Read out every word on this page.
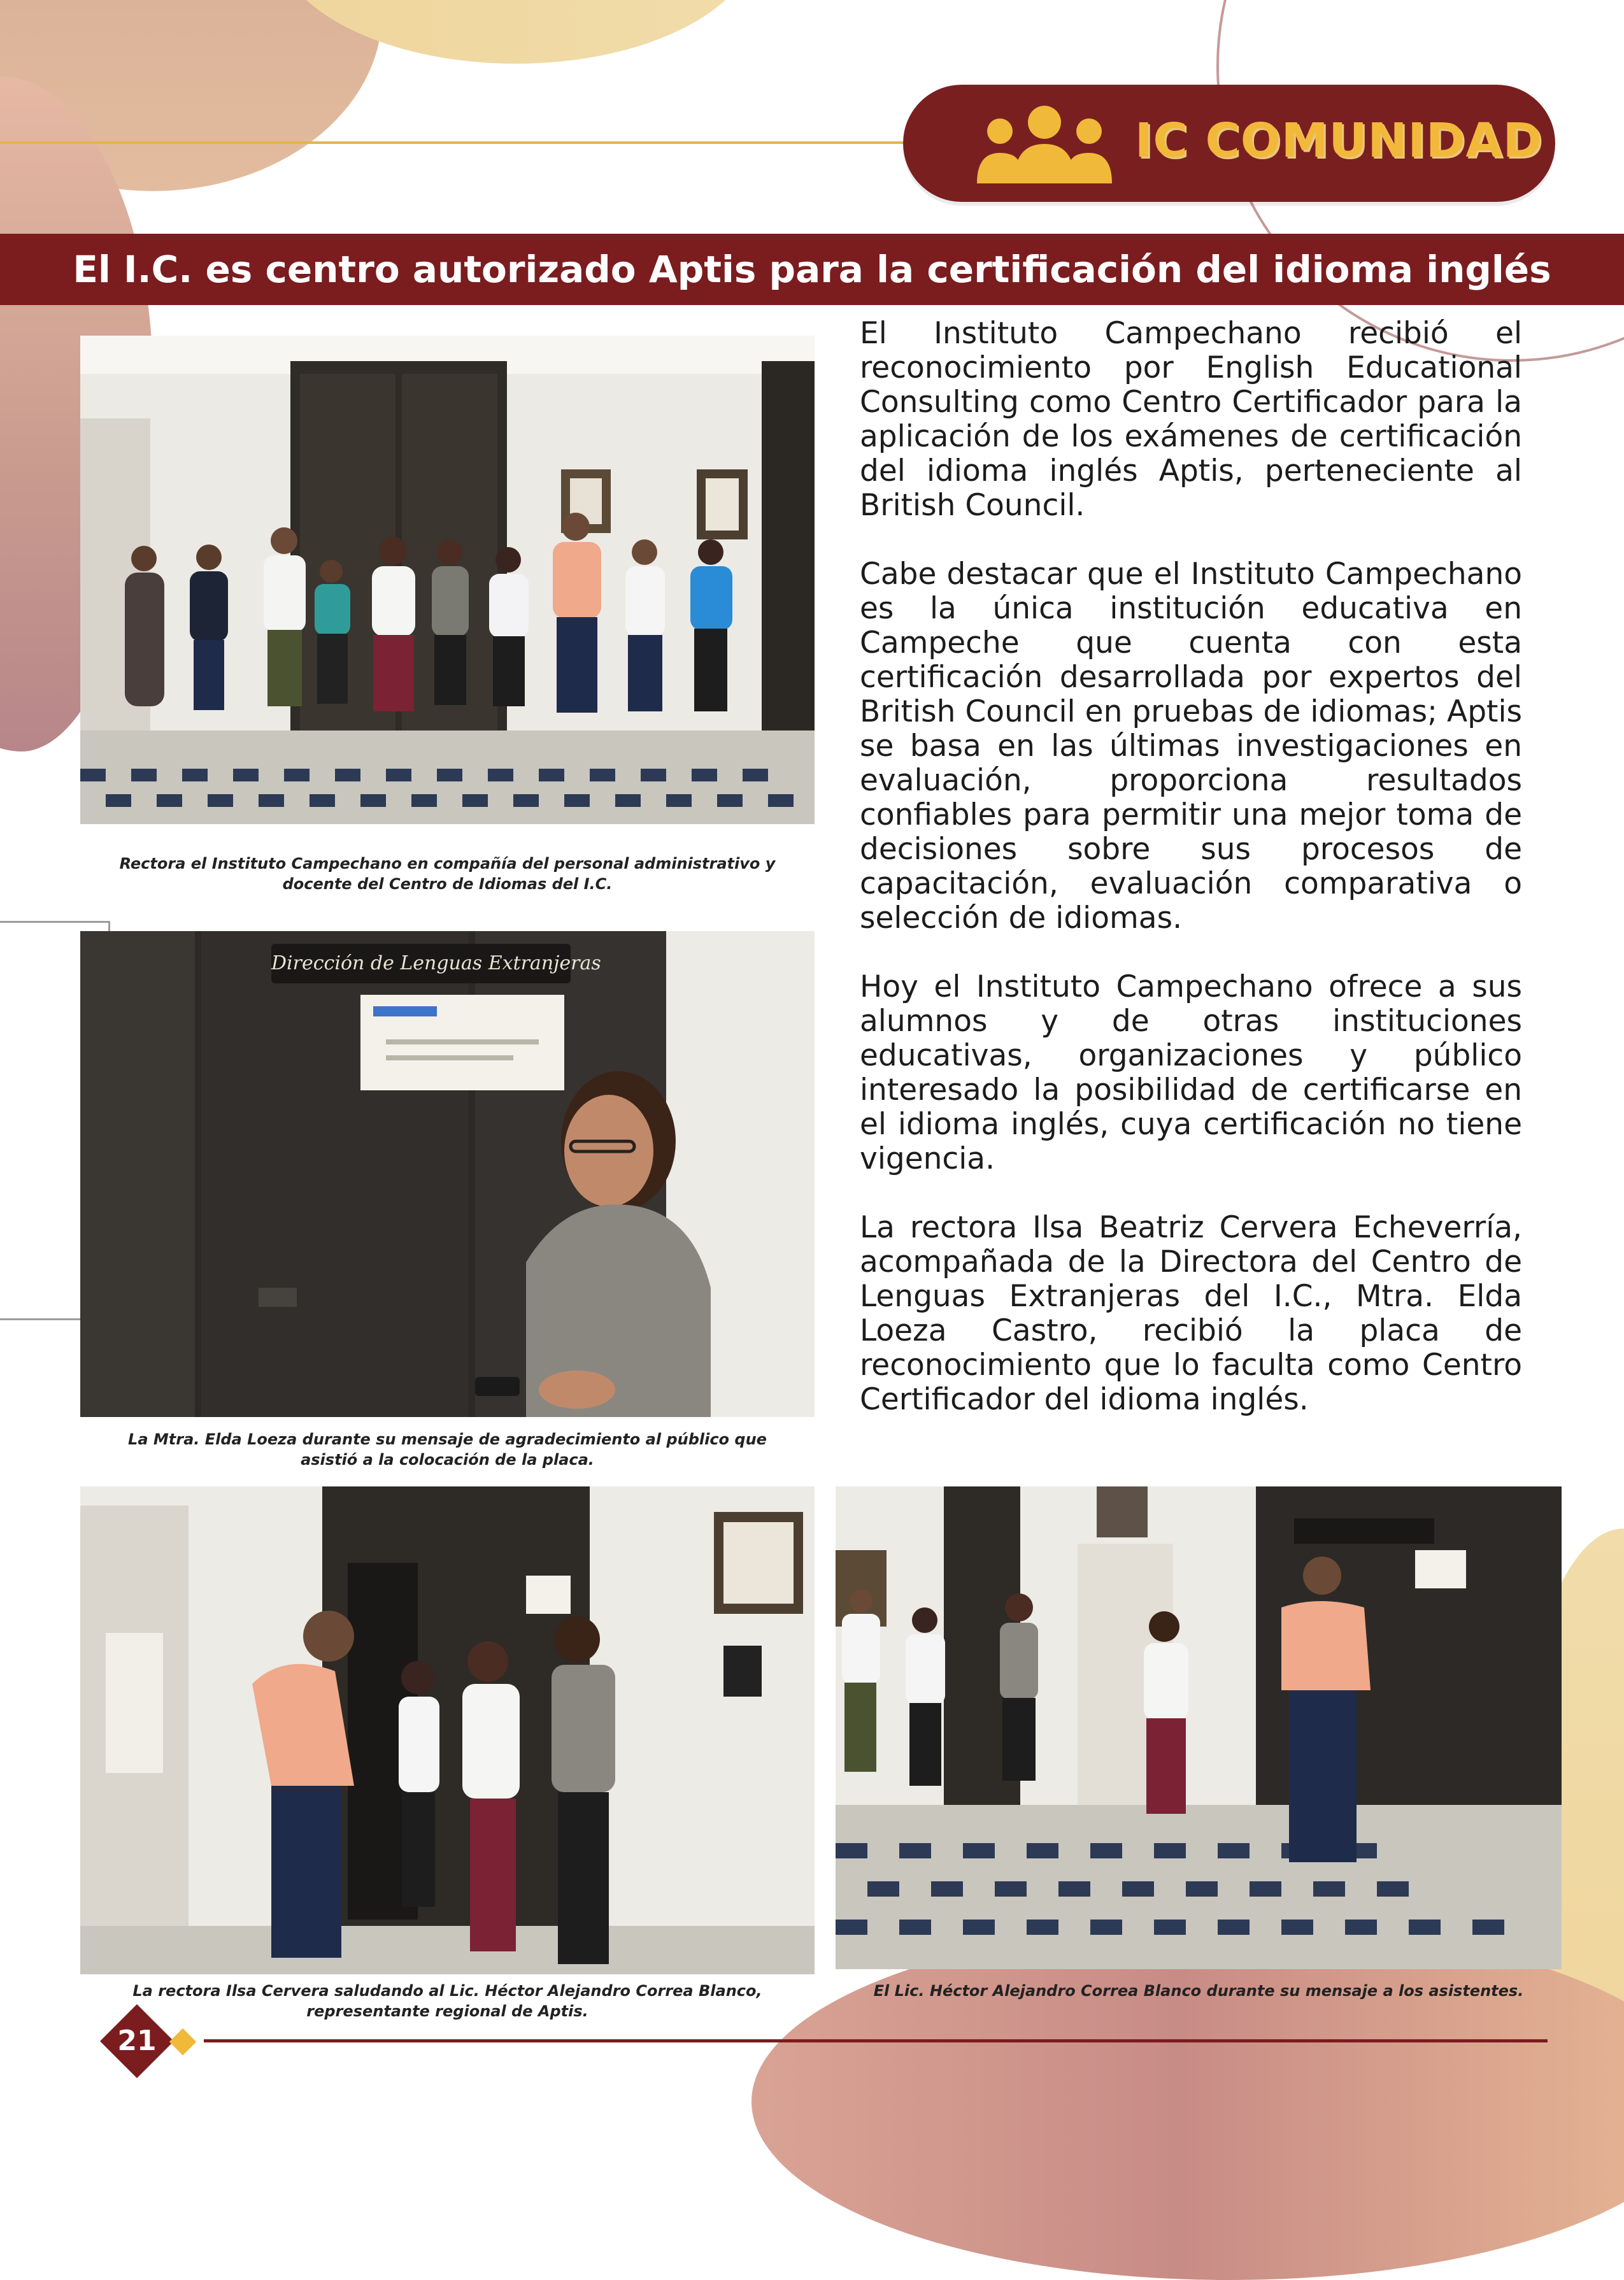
IC COMUNIDAD
El I.C. es centro autorizado Aptis para la certificación del idioma inglés

El Instituto Campechano recibió el reconocimiento por English Educational Consulting como Centro Certificador para la aplicación de los exámenes de certificación del idioma inglés Aptis, perteneciente al British Council.

Cabe destacar que el Instituto Campechano es la única institución educativa en Campeche que cuenta con esta certificación desarrollada por expertos del British Council en pruebas de idiomas; Aptis se basa en las últimas investigaciones en evaluación, proporciona resultados confiables para permitir una mejor toma de decisiones sobre sus procesos de capacitación, evaluación comparativa o selección de idiomas.

Hoy el Instituto Campechano ofrece a sus alumnos y de otras instituciones educativas, organizaciones y público interesado la posibilidad de certificarse en el idioma inglés, cuya certificación no tiene vigencia.

La rectora Ilsa Beatriz Cervera Echeverría, acompañada de la Directora del Centro de Lenguas Extranjeras del I.C., Mtra. Elda Loeza Castro, recibió la placa de reconocimiento que lo faculta como Centro Certificador del idioma inglés.

Rectora el Instituto Campechano en compañía del personal administrativo y docente del Centro de Idiomas del I.C.
Dirección de Lenguas Extranjeras
La Mtra. Elda Loeza durante su mensaje de agradecimiento al público que asistió a la colocación de la placa.
La rectora Ilsa Cervera saludando al Lic. Héctor Alejandro Correa Blanco, representante regional de Aptis.
El Lic. Héctor Alejandro Correa Blanco durante su mensaje a los asistentes.
21
